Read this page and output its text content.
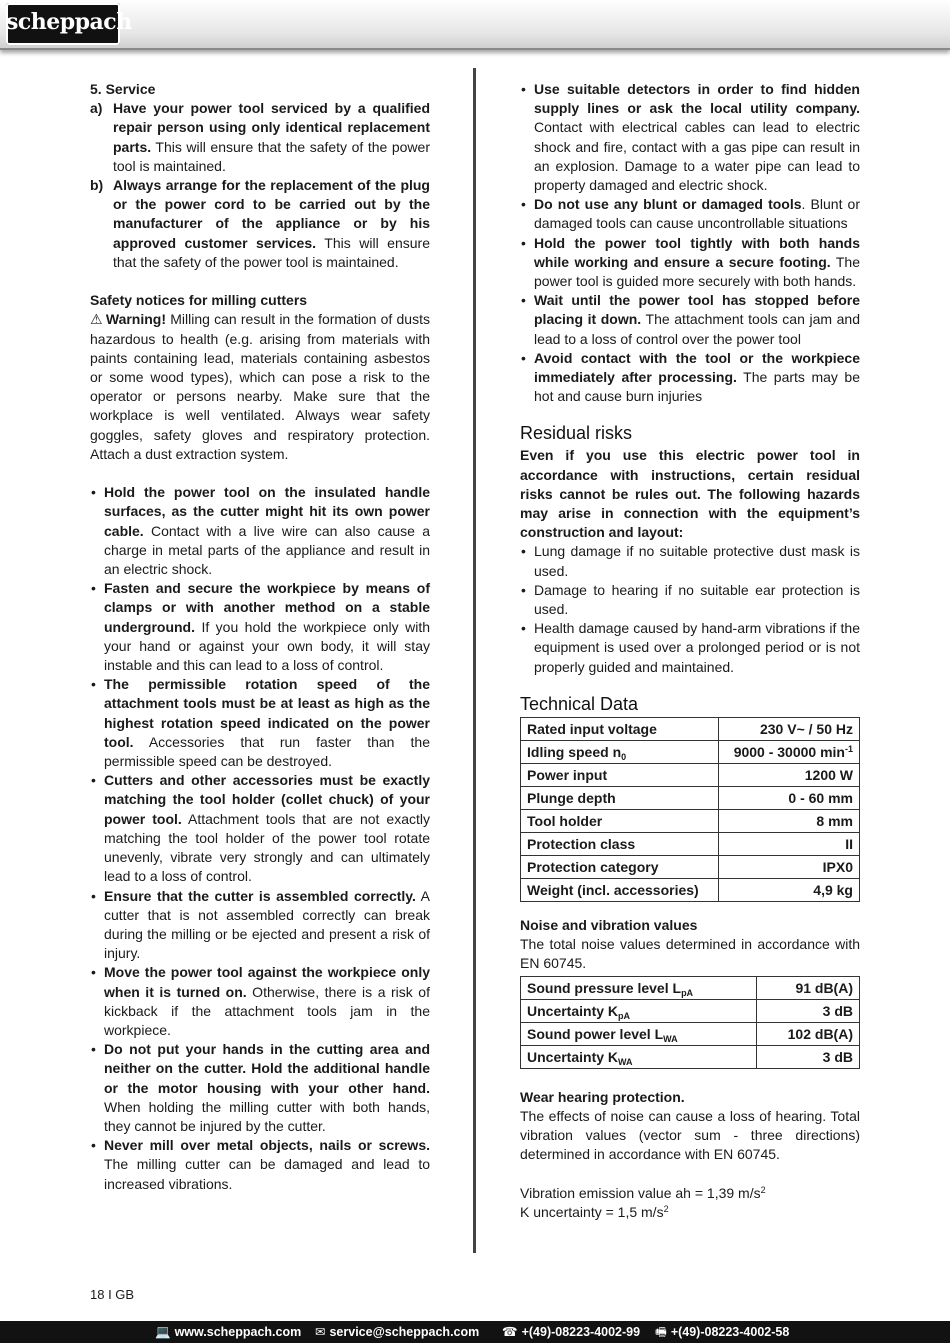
scheppach

5. Service

a) Have your power tool serviced by a qualified repair person using only identical replacement parts. This will ensure that the safety of the power tool is maintained.
b) Always arrange for the replacement of the plug or the power cord to be carried out by the manufacturer of the appliance or by his approved customer services. This will ensure that the safety of the power tool is maintained.

Safety notices for milling cutters

⚠ Warning! Milling can result in the formation of dusts hazardous to health (e.g. arising from materials with paints containing lead, materials containing asbestos or some wood types), which can pose a risk to the operator or persons nearby. Make sure that the workplace is well ventilated. Always wear safety goggles, safety gloves and respiratory protection. Attach a dust extraction system.

• Hold the power tool on the insulated handle surfaces, as the cutter might hit its own power cable. Contact with a live wire can also cause a charge in metal parts of the appliance and result in an electric shock.
• Fasten and secure the workpiece by means of clamps or with another method on a stable underground. If you hold the workpiece only with your hand or against your own body, it will stay instable and this can lead to a loss of control.
• The permissible rotation speed of the attachment tools must be at least as high as the highest rotation speed indicated on the power tool. Accessories that run faster than the permissible speed can be destroyed.
• Cutters and other accessories must be exactly matching the tool holder (collet chuck) of your power tool. Attachment tools that are not exactly matching the tool holder of the power tool rotate unevenly, vibrate very strongly and can ultimately lead to a loss of control.
• Ensure that the cutter is assembled correctly. A cutter that is not assembled correctly can break during the milling or be ejected and present a risk of injury.
• Move the power tool against the workpiece only when it is turned on. Otherwise, there is a risk of kickback if the attachment tools jam in the workpiece.
• Do not put your hands in the cutting area and neither on the cutter. Hold the additional handle or the motor housing with your other hand. When holding the milling cutter with both hands, they cannot be injured by the cutter.
• Never mill over metal objects, nails or screws. The milling cutter can be damaged and lead to increased vibrations.
• Use suitable detectors in order to find hidden supply lines or ask the local utility company. Contact with electrical cables can lead to electric shock and fire, contact with a gas pipe can result in an explosion. Damage to a water pipe can lead to property damaged and electric shock.
• Do not use any blunt or damaged tools. Blunt or damaged tools can cause uncontrollable situations
• Hold the power tool tightly with both hands while working and ensure a secure footing. The power tool is guided more securely with both hands.
• Wait until the power tool has stopped before placing it down. The attachment tools can jam and lead to a loss of control over the power tool
• Avoid contact with the tool or the workpiece immediately after processing. The parts may be hot and cause burn injuries
Residual risks

Even if you use this electric power tool in accordance with instructions, certain residual risks cannot be rules out. The following hazards may arise in connection with the equipment’s construction and layout:

• Lung damage if no suitable protective dust mask is used.
• Damage to hearing if no suitable ear protection is used.
• Health damage caused by hand-arm vibrations if the equipment is used over a prolonged period or is not properly guided and maintained.
Technical Data
Rated input voltage	230 V~ / 50 Hz
Idling speed $n_0$	9000 - 30000 $\min^{-1}$
Power input	1200 W
Plunge depth	0 - 60 mm
Tool holder	8 mm
Protection class	II
Protection category	IPX0
Weight (incl. accessories)	4,9 kg

Noise and vibration values

The total noise values determined in accordance with EN 60745.

Sound pressure level $L_{pA}$	91 dB(A)
Uncertainty $K_{pA}$	3 dB
Sound power level $L_{WA}$	102 dB(A)
Uncertainty $K_{WA}$	3 dB

Wear hearing protection.

The effects of noise can cause a loss of hearing. Total vibration values (vector sum - three directions) determined in accordance with EN 60745.

Vibration emission value ah = 1,39 $m/s^2$

K uncertainty = 1,5 $m/s^2$

18 I GB
💻 www.scheppach.com ✉ service@scheppach.com ☎ +(49)-08223-4002-99 🖷 +(49)-08223-4002-58
